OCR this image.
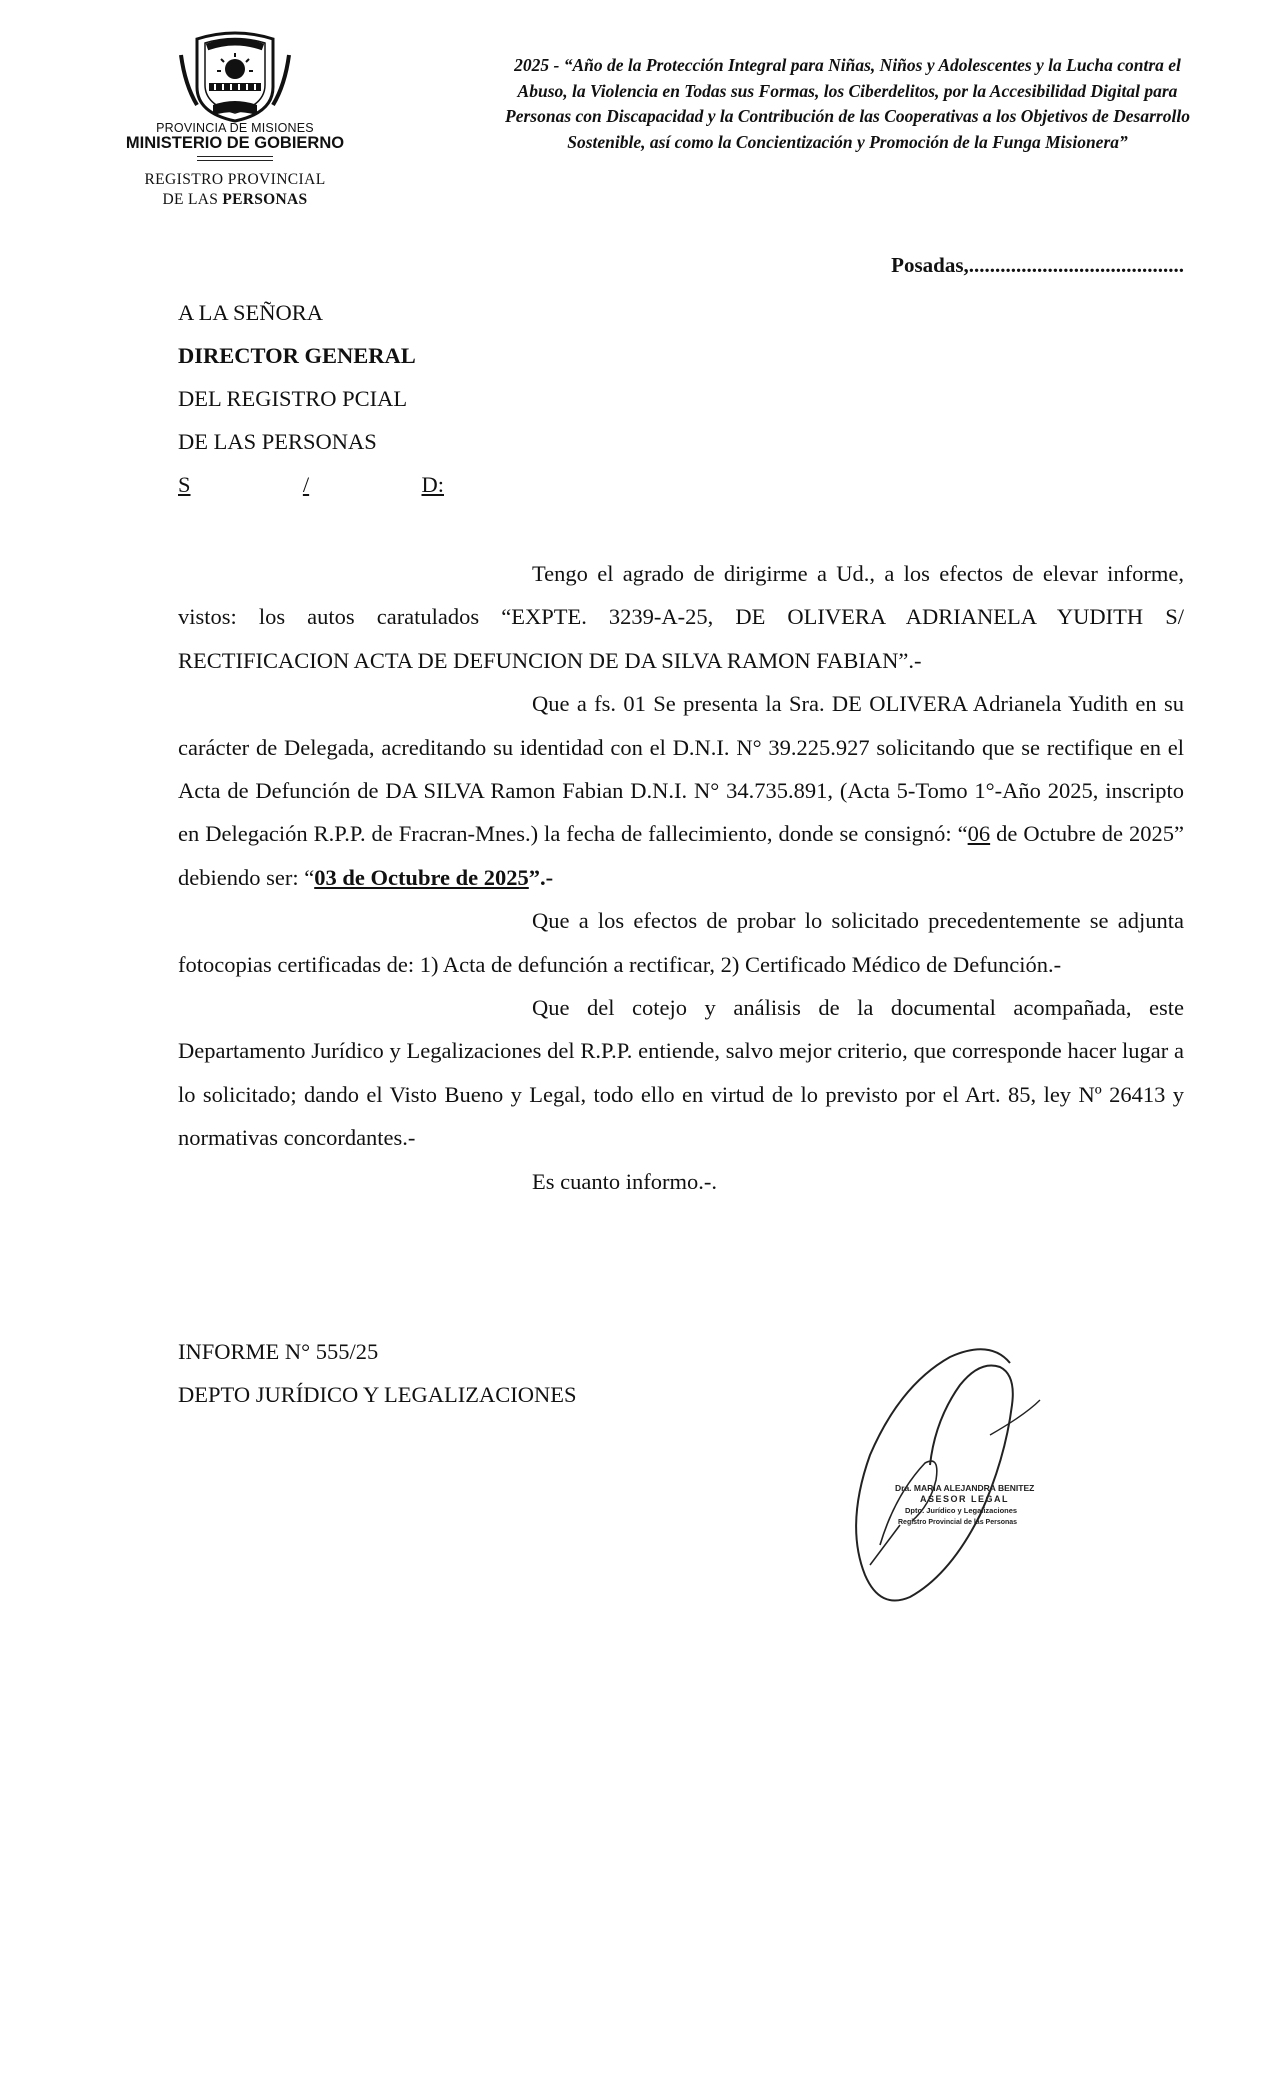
PROVINCIA DE MISIONES
MINISTERIO DE GOBIERNO
REGISTRO PROVINCIAL
DE LAS PERSONAS
2025 - “Año de la Protección Integral para Niñas, Niños y Adolescentes y la Lucha contra el Abuso, la Violencia en Todas sus Formas, los Ciberdelitos, por la Accesibilidad Digital para Personas con Discapacidad y la Contribución de las Cooperativas a los Objetivos de Desarrollo Sostenible, así como la Concientización y Promoción de la Funga Misionera”
Posadas,.........................................
A LA SEÑORA
DIRECTOR GENERAL
DEL REGISTRO PCIAL
DE LAS PERSONAS
S	/	D:

Tengo el agrado de dirigirme a Ud., a los efectos de elevar informe, vistos: los autos caratulados “EXPTE. 3239-A-25, DE OLIVERA ADRIANELA YUDITH S/ RECTIFICACION ACTA DE DEFUNCION DE DA SILVA RAMON FABIAN”.-

Que a fs. 01 Se presenta la Sra. DE OLIVERA Adrianela Yudith en su carácter de Delegada, acreditando su identidad con el D.N.I. N° 39.225.927 solicitando que se rectifique en el Acta de Defunción de DA SILVA Ramon Fabian D.N.I. N° 34.735.891, (Acta 5-Tomo 1°-Año 2025, inscripto en Delegación R.P.P. de Fracran-Mnes.) la fecha de fallecimiento, donde se consignó: “06 de Octubre de 2025” debiendo ser: “03 de Octubre de 2025”.-

Que a los efectos de probar lo solicitado precedentemente se adjunta fotocopias certificadas de: 1) Acta de defunción a rectificar, 2) Certificado Médico de Defunción.-

Que del cotejo y análisis de la documental acompañada, este Departamento Jurídico y Legalizaciones del R.P.P. entiende, salvo mejor criterio, que corresponde hacer lugar a lo solicitado; dando el Visto Bueno y Legal, todo ello en virtud de lo previsto por el Art. 85, ley Nº 26413 y normativas concordantes.-

Es cuanto informo.-.

INFORME N° 555/25
DEPTO JURÍDICO Y LEGALIZACIONES
Dra. MARIA ALEJANDRA BENITEZ
ASESOR LEGAL
Dpto. Jurídico y Legalizaciones
Registro Provincial de las Personas
